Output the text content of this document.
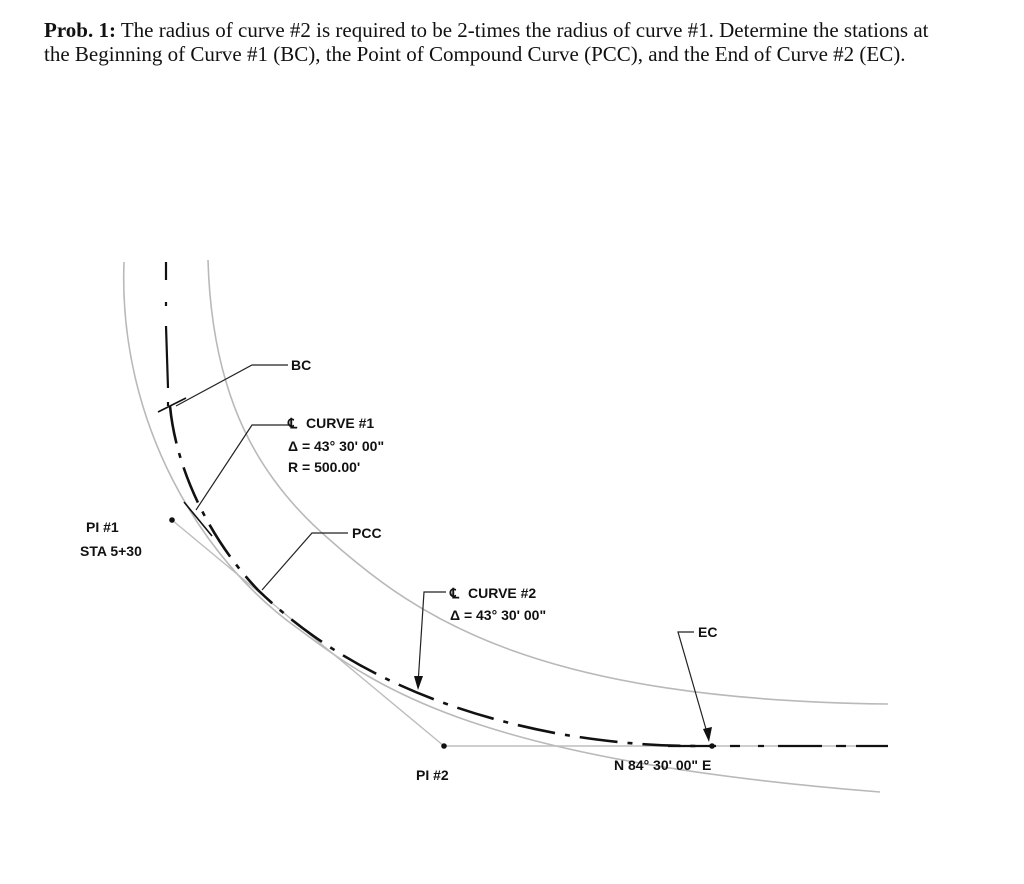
Prob. 1: The radius of curve #2 is required to be 2-times the radius of curve #1. Determine the stations at the Beginning of Curve #1 (BC), the Point of Compound Curve (PCC), and the End of Curve #2 (EC).
BC
℄ CURVE #1
Δ = 43° 30' 00"
R = 500.00'
PI #1
STA 5+30
PCC
℄ CURVE #2
Δ = 43° 30' 00"
EC
PI #2
N 84° 30' 00" E
